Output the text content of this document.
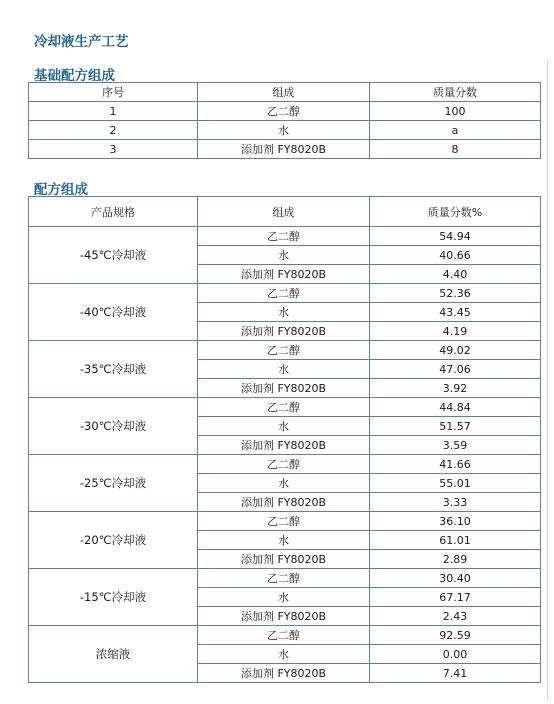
冷却液生产工艺
基础配方组成
序号	组成	质量分数
1	乙二醇	100
2	水	a
3	添加剂 FY8020B	8
配方组成
产品规格	组成	质量分数%
-45℃冷却液	乙二醇	54.94
	水	40.66
	添加剂 FY8020B	4.40
-40℃冷却液	乙二醇	52.36
	水	43.45
	添加剂 FY8020B	4.19
-35℃冷却液	乙二醇	49.02
	水	47.06
	添加剂 FY8020B	3.92
-30℃冷却液	乙二醇	44.84
	水	51.57
	添加剂 FY8020B	3.59
-25℃冷却液	乙二醇	41.66
	水	55.01
	添加剂 FY8020B	3.33
-20℃冷却液	乙二醇	36.10
	水	61.01
	添加剂 FY8020B	2.89
-15℃冷却液	乙二醇	30.40
	水	67.17
	添加剂 FY8020B	2.43
浓缩液	乙二醇	92.59
	水	0.00
	添加剂 FY8020B	7.41
